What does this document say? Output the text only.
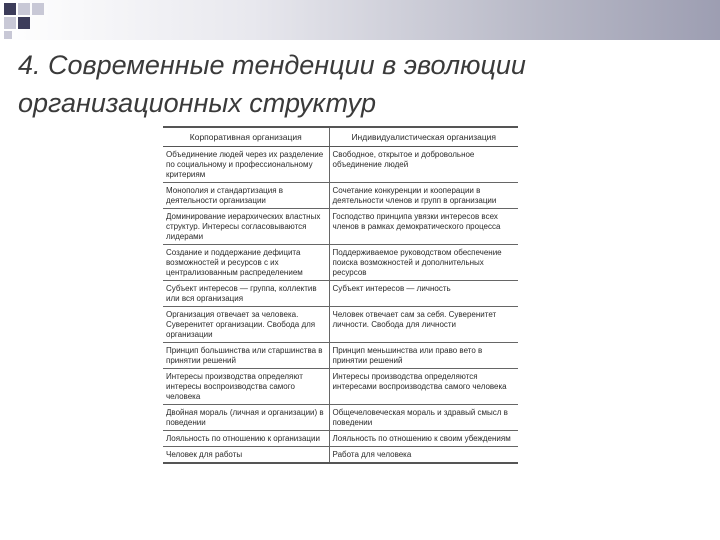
4. Современные тенденции в эволюции организационных структур
Корпоративная организация	Индивидуалистическая организация
Объединение людей через их разделение по социальному и профессиональному критериям	Свободное, открытое и добровольное объединение людей
Монополия и стандартизация в деятельности организации	Сочетание конкуренции и кооперации в деятельности членов и групп в организации
Доминирование иерархических властных структур. Интересы согласовываются лидерами	Господство принципа увязки интересов всех членов в рамках демократического процесса
Создание и поддержание дефицита возможностей и ресурсов с их централизованным распределением	Поддерживаемое руководством обеспечение поиска возможностей и дополнительных ресурсов
Субъект интересов — группа, коллектив или вся организация	Субъект интересов — личность
Организация отвечает за человека. Суверенитет организации. Свобода для организации	Человек отвечает сам за себя. Суверенитет личности. Свобода для личности
Принцип большинства или старшинства в принятии решений	Принцип меньшинства или право вето в принятии решений
Интересы производства определяют интересы воспроизводства самого человека	Интересы производства определяются интересами воспроизводства самого человека
Двойная мораль (личная и организации) в поведении	Общечеловеческая мораль и здравый смысл в поведении
Лояльность по отношению к организации	Лояльность по отношению к своим убеждениям
Человек для работы	Работа для человека
